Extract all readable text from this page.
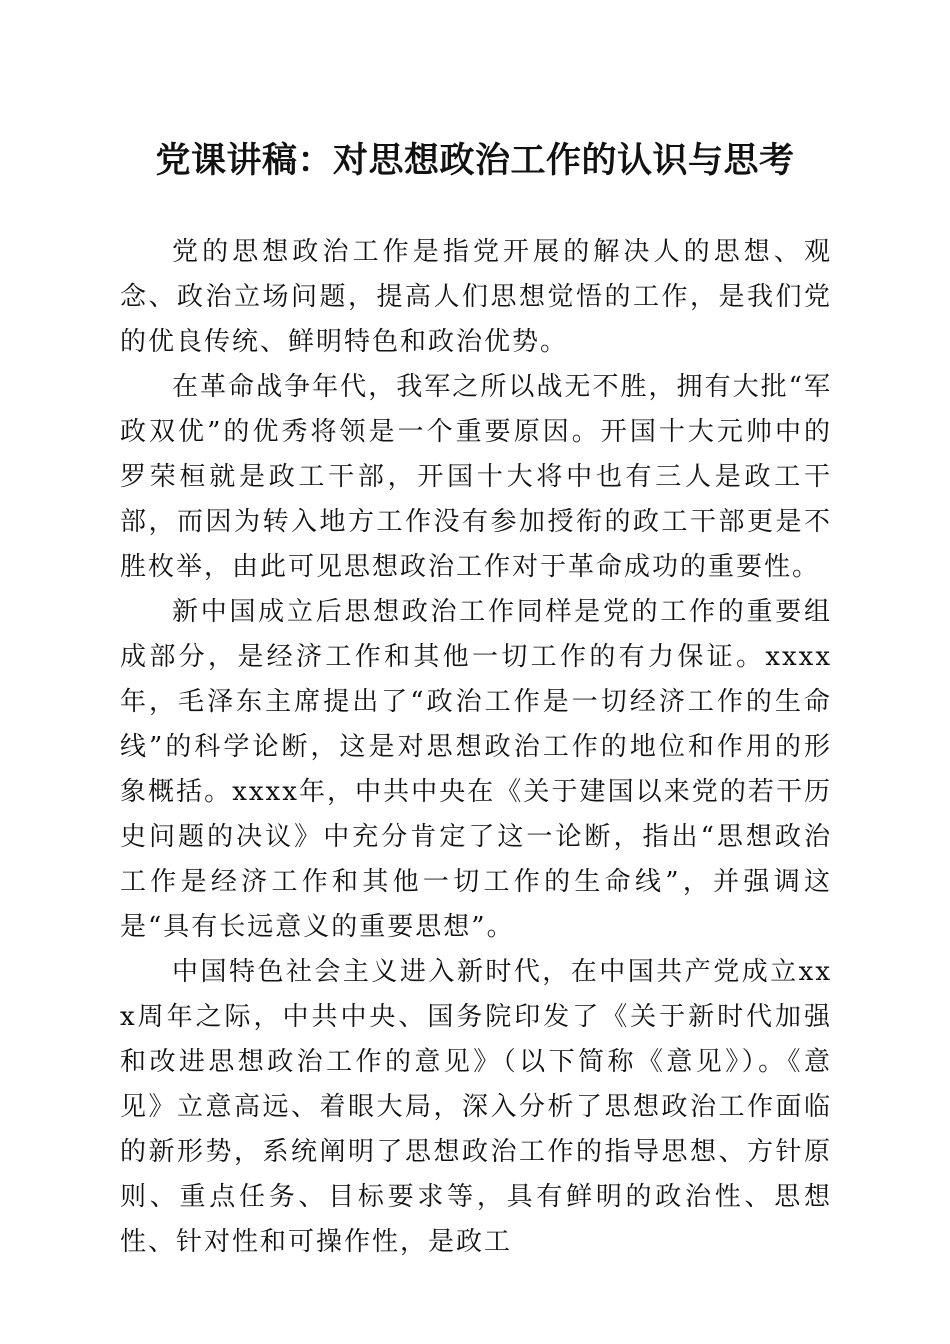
党课讲稿：对思想政治工作的认识与思考

党的思想政治工作是指党开展的解决人的思想、观念、政治立场问题，提高人们思想觉悟的工作，是我们党的优良传统、鲜明特色和政治优势。

在革命战争年代，我军之所以战无不胜，拥有大批“军政双优”的优秀将领是一个重要原因。开国十大元帅中的罗荣桓就是政工干部，开国十大将中也有三人是政工干部，而因为转入地方工作没有参加授衔的政工干部更是不胜枚举，由此可见思想政治工作对于革命成功的重要性。

新中国成立后思想政治工作同样是党的工作的重要组成部分，是经济工作和其他一切工作的有力保证。xxxx年，毛泽东主席提出了“政治工作是一切经济工作的生命线”的科学论断，这是对思想政治工作的地位和作用的形象概括。xxxx年，中共中央在《关于建国以来党的若干历史问题的决议》中充分肯定了这一论断，指出“思想政治工作是经济工作和其他一切工作的生命线”，并强调这是“具有长远意义的重要思想”。

中国特色社会主义进入新时代，在中国共产党成立xxx周年之际，中共中央、国务院印发了《关于新时代加强和改进思想政治工作的意见》（以下简称《意见》）。《意见》立意高远、着眼大局，深入分析了思想政治工作面临的新形势，系统阐明了思想政治工作的指导思想、方针原则、重点任务、目标要求等，具有鲜明的政治性、思想性、针对性和可操作性，是政工
